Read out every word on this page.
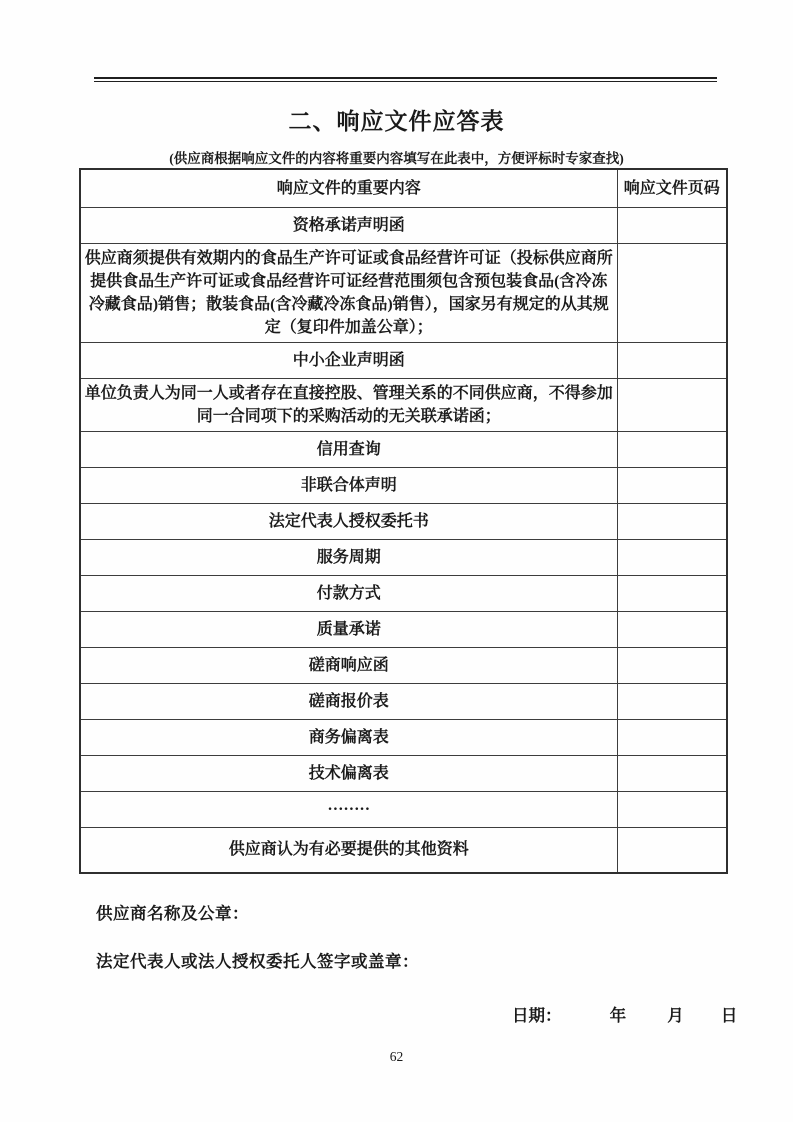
二、响应文件应答表
(供应商根据响应文件的内容将重要内容填写在此表中，方便评标时专家查找)
响应文件的重要内容	响应文件页码
资格承诺声明函	
供应商须提供有效期内的食品生产许可证或食品经营许可证（投标供应商所提供食品生产许可证或食品经营许可证经营范围须包含预包装食品(含冷冻冷藏食品)销售；散装食品(含冷藏冷冻食品)销售），国家另有规定的从其规定（复印件加盖公章）；	
中小企业声明函	
单位负责人为同一人或者存在直接控股、管理关系的不同供应商，不得参加同一合同项下的采购活动的无关联承诺函；	
信用查询	
非联合体声明	
法定代表人授权委托书	
服务周期	
付款方式	
质量承诺	
磋商响应函	
磋商报价表	
商务偏离表	
技术偏离表	
········	
供应商认为有必要提供的其他资料	
供应商名称及公章：
法定代表人或法人授权委托人签字或盖章：
日期：	年 月 日
62
